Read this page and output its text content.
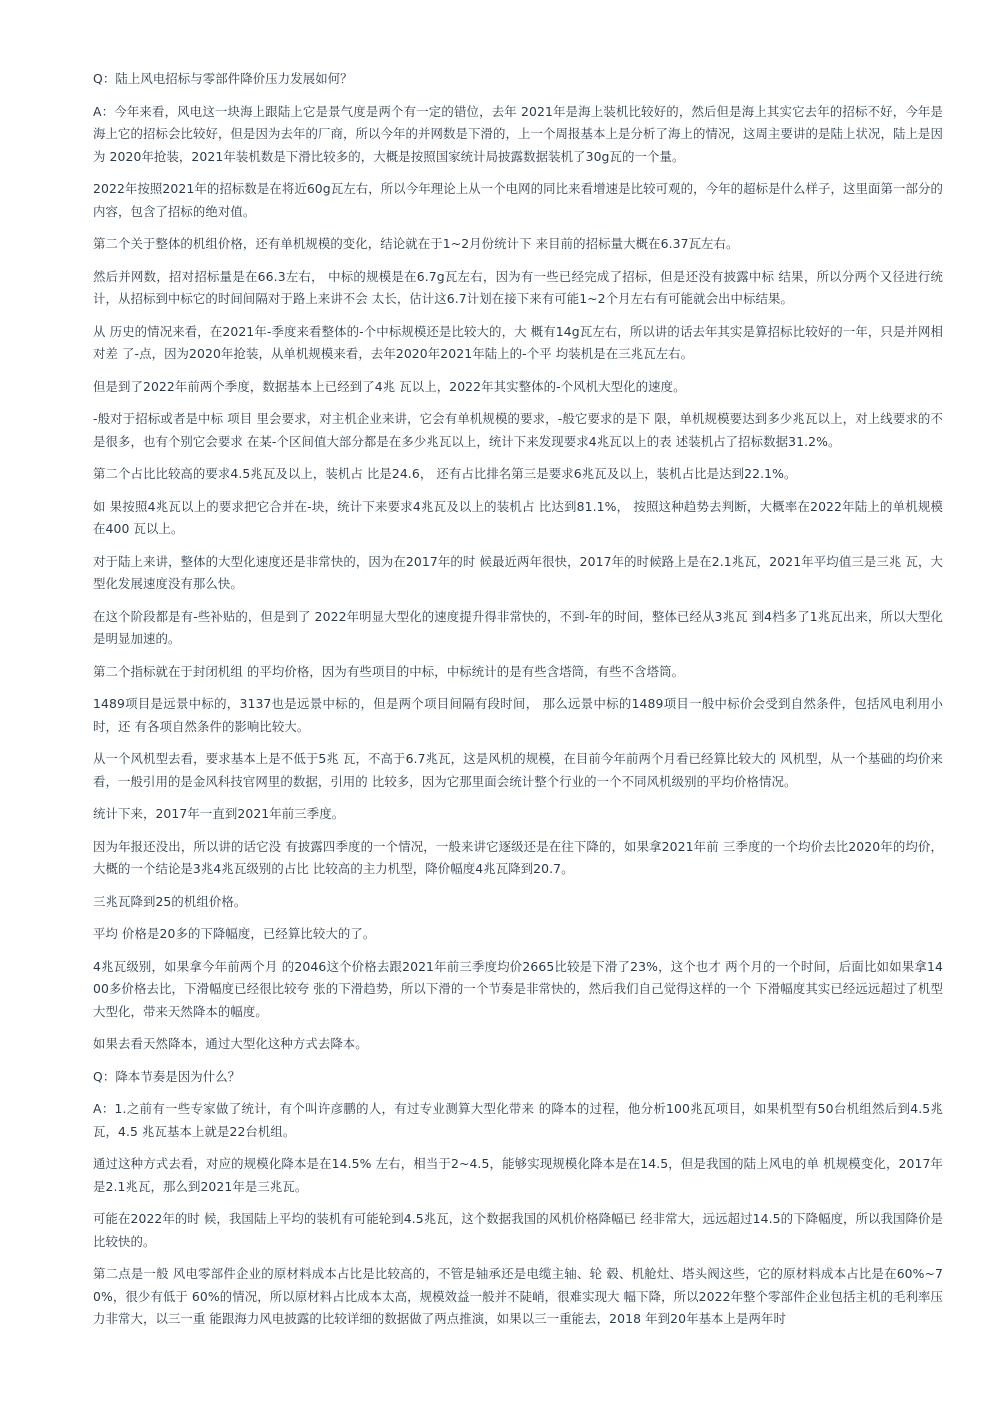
Q：陆上风电招标与零部件降价压力发展如何？

A：今年来看，风电这一块海上跟陆上它是景气度是两个有一定的错位，去年 2021年是海上装机比较好的，然后但是海上其实它去年的招标不好，今年是海上它的招标会比较好，但是因为去年的厂商，所以今年的并网数是下滑的，上一个周报基本上是分析了海上的情况，这周主要讲的是陆上状况，陆上是因为 2020年抢装，2021年装机数是下滑比较多的，大概是按照国家统计局披露数据装机了30g瓦的一个量。

2022年按照2021年的招标数是在将近60g瓦左右，所以今年理论上从一个电网的同比来看增速是比较可观的，今年的超标是什么样子，这里面第一部分的内容，包含了招标的绝对值。

第二个关于整体的机组价格，还有单机规模的变化，结论就在于1~2月份统计下 来目前的招标量大概在6.37瓦左右。

然后并网数，招对招标量是在66.3左右， 中标的规模是在6.7g瓦左右，因为有一些已经完成了招标，但是还没有披露中标 结果，所以分两个又径进行统计，从招标到中标它的时间间隔对于路上来讲不会 太长，估计这6.7计划在接下来有可能1~2个月左右有可能就会出中标结果。

从 历史的情况来看，在2021年-季度来看整体的-个中标规模还是比较大的，大 概有14g瓦左右，所以讲的话去年其实是算招标比较好的一年，只是并网相对差 了-点，因为2020年抢装，从单机规模来看，去年2020年2021年陆上的-个平 均装机是在三兆瓦左右。

但是到了2022年前两个季度，数据基本上已经到了4兆 瓦以上，2022年其实整体的-个风机大型化的速度。

-般对于招标或者是中标 项目 里会要求，对主机企业来讲，它会有单机规模的要求，-般它要求的是下 限，单机规模要达到多少兆瓦以上，对上线要求的不是很多，也有个别它会要求 在某-个区间值大部分都是在多少兆瓦以上，统计下来发现要求4兆瓦以上的表 述装机占了招标数据31.2%。

第二个占比比较高的要求4.5兆瓦及以上，装机占 比是24.6， 还有占比排名第三是要求6兆瓦及以上，装机占比是达到22.1%。

如 果按照4兆瓦以上的要求把它合并在-块，统计下来要求4兆瓦及以上的装机占 比达到81.1%， 按照这种趋势去判断，大概率在2022年陆上的单机规模在400 瓦以上。

对于陆上来讲，整体的大型化速度还是非常快的，因为在2017年的时 候最近两年很快，2017年的时候路上是在2.1兆瓦，2021年平均值三是三兆 瓦，大型化发展速度没有那么快。

在这个阶段都是有-些补贴的，但是到了 2022年明显大型化的速度提升得非常快的，不到-年的时间，整体已经从3兆瓦 到4档多了1兆瓦出来，所以大型化是明显加速的。

第二个指标就在于封闭机组 的平均价格，因为有些项目的中标，中标统计的是有些含塔筒，有些不含塔筒。

1489项目是远景中标的，3137也是远景中标的，但是两个项目间隔有段时间， 那么远景中标的1489项目一般中标价会受到自然条件，包括风电利用小时，还 有各项自然条件的影响比较大。

从一个风机型去看，要求基本上是不低于5兆 瓦，不高于6.7兆瓦，这是风机的规模，在目前今年前两个月看已经算比较大的 风机型，从一个基础的均价来看，一般引用的是金风科技官网里的数据，引用的 比较多，因为它那里面会统计整个行业的一个不同风机级别的平均价格情况。

统计下来，2017年一直到2021年前三季度。

因为年报还没出，所以讲的话它没 有披露四季度的一个情况，一般来讲它逐级还是在往下降的，如果拿2021年前 三季度的一个均价去比2020年的均价，大概的一个结论是3兆4兆瓦级别的占比 比较高的主力机型，降价幅度4兆瓦降到20.7。

三兆瓦降到25的机组价格。

平均 价格是20多的下降幅度，已经算比较大的了。

4兆瓦级别，如果拿今年前两个月 的2046这个价格去跟2021年前三季度均价2665比较是下滑了23%，这个也才 两个月的一个时间，后面比如如果拿1400多价格去比，下滑幅度已经很比较夸 张的下滑趋势，所以下滑的一个节奏是非常快的，然后我们自己觉得这样的一个 下滑幅度其实已经远远超过了机型大型化，带来天然降本的幅度。

如果去看天然降本，通过大型化这种方式去降本。

Q：降本节奏是因为什么？

A：1.之前有一些专家做了统计，有个叫许彦鹏的人，有过专业测算大型化带来 的降本的过程，他分析100兆瓦项目，如果机型有50台机组然后到4.5兆瓦，4.5 兆瓦基本上就是22台机组。

通过这种方式去看，对应的规模化降本是在14.5% 左右，相当于2~4.5，能够实现规模化降本是在14.5，但是我国的陆上风电的单 机规模变化，2017年是2.1兆瓦，那么到2021年是三兆瓦。

可能在2022年的时 候，我国陆上平均的装机有可能轮到4.5兆瓦，这个数据我国的风机价格降幅已 经非常大，远远超过14.5的下降幅度，所以我国降价是比较快的。

第二点是一般 风电零部件企业的原材料成本占比是比较高的，不管是轴承还是电缆主轴、轮 毂、机舱灶、塔头阀这些，它的原材料成本占比是在60%~70%，很少有低于 60%的情况，所以原材料占比成本太高，规模效益一般并不陡峭，很难实现大 幅下降，所以2022年整个零部件企业包括主机的毛利率压力非常大，以三一重 能跟海力风电披露的比较详细的数据做了两点推演，如果以三一重能去，2018 年到20年基本上是两年时
